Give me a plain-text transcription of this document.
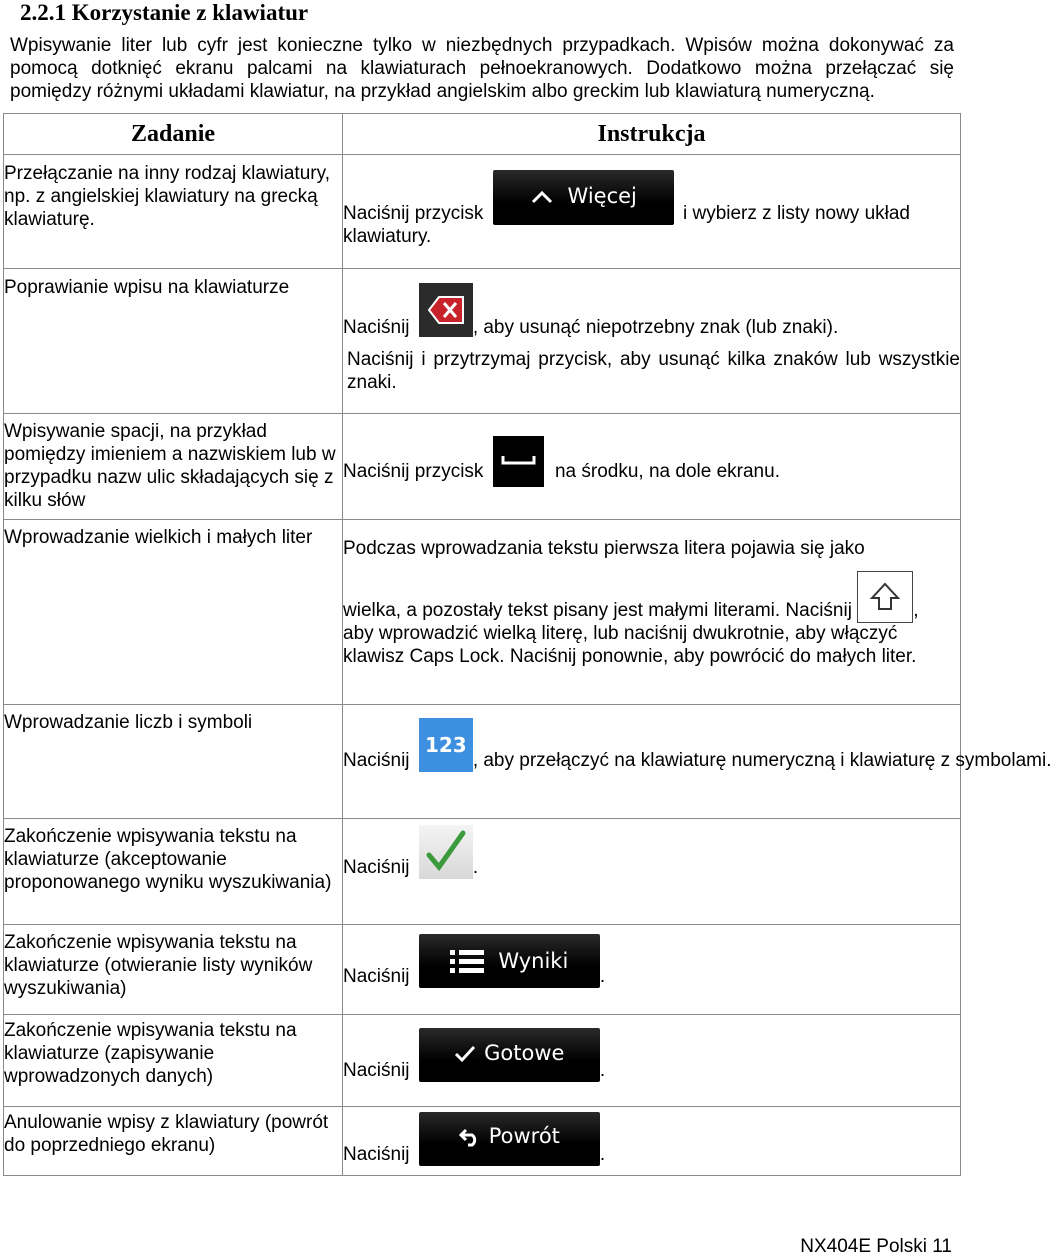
2.2.1 Korzystanie z klawiatur

Wpisywanie liter lub cyfr jest konieczne tylko w niezbędnych przypadkach. Wpisów można dokonywać za pomocą dotknięć ekranu palcami na klawiaturach pełnoekranowych. Dodatkowo można przełączać się pomiędzy różnymi układami klawiatur, na przykład angielskim albo greckim lub klawiaturą numeryczną.

Zadanie	Instrukcja

Przełączanie na inny rodzaj klawiatury, np. z angielskiej klawiatury na grecką klawiaturę.	Naciśnij przycisk Więcej i wybierz z listy nowy układ
klawiatury.

Poprawianie wpisu na klawiaturze	Naciśnij , aby usunąć niepotrzebny znak (lub znaki).
Naciśnij i przytrzymaj przycisk, aby usunąć kilka znaków lub wszystkie znaki.

Wpisywanie spacji, na przykład pomiędzy imieniem a nazwiskiem lub w przypadku nazw ulic składających się z kilku słów	Naciśnij przycisk na środku, na dole ekranu.

Wprowadzanie wielkich i małych liter	Podczas wprowadzania tekstu pierwsza litera pojawia się jako
wielka, a pozostały tekst pisany jest małymi literami. Naciśnij ,
aby wprowadzić wielką literę, lub naciśnij dwukrotnie, aby włączyć klawisz Caps Lock. Naciśnij ponownie, aby powrócić do małych liter.

Wprowadzanie liczb i symboli	Naciśnij 123, aby przełączyć na klawiaturę numeryczną i klawiaturę z symbolami.

Zakończenie wpisywania tekstu na klawiaturze (akceptowanie proponowanego wyniku wyszukiwania)	Naciśnij .

Zakończenie wpisywania tekstu na klawiaturze (otwieranie listy wyników wyszukiwania)	Naciśnij Wyniki.

Zakończenie wpisywania tekstu na klawiaturze (zapisywanie wprowadzonych danych)	Naciśnij Gotowe.

Anulowanie wpisy z klawiatury (powrót do poprzedniego ekranu)	Naciśnij Powrót.
NX404E Polski 11
